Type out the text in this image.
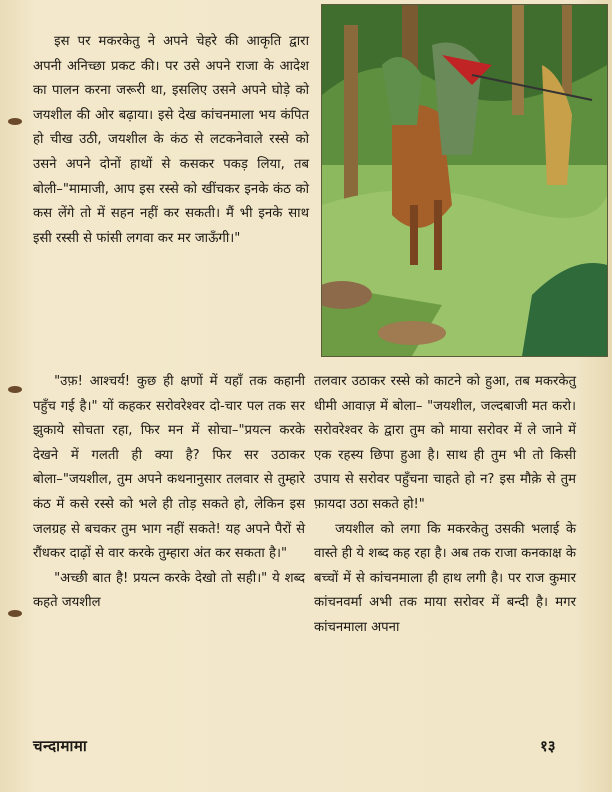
इस पर मकरकेतु ने अपने चेहरे की आकृति द्वारा अपनी अनिच्छा प्रकट की। पर उसे अपने राजा के आदेश का पालन करना जरूरी था, इसलिए उसने अपने घोड़े को जयशील की ओर बढ़ाया। इसे देख कांचनमाला भय कंपित हो चीख उठी, जयशील के कंठ से लटकनेवाले रस्से को उसने अपने दोनों हाथों से कसकर पकड़ लिया, तब बोली–"मामाजी, आप इस रस्से को खींचकर इनके कंठ को कस लेंगे तो में सहन नहीं कर सकती। मैं भी इनके साथ इसी रस्सी से फांसी लगवा कर मर जाऊँगी।"

"उफ़! आश्चर्य! कुछ ही क्षणों में यहाँ तक कहानी पहुँच गई है।" यों कहकर सरोवरेश्वर दो-चार पल तक सर झुकाये सोचता रहा, फिर मन में सोचा–"प्रयत्न करके देखने में गलती ही क्या है? फिर सर उठाकर बोला–"जयशील, तुम अपने कथनानुसार तलवार से तुम्हारे कंठ में कसे रस्से को भले ही तोड़ सकते हो, लेकिन इस जलग्रह से बचकर तुम भाग नहीं सकते! यह अपने पैरों से रौंधकर दाढ़ों से वार करके तुम्हारा अंत कर सकता है।"

"अच्छी बात है! प्रयत्न करके देखो तो सही।" ये शब्द कहते जयशील

तलवार उठाकर रस्से को काटने को हुआ, तब मकरकेतु धीमी आवाज़ में बोला– "जयशील, जल्दबाजी मत करो। सरोवरेश्वर के द्वारा तुम को माया सरोवर में ले जाने में एक रहस्य छिपा हुआ है। साथ ही तुम भी तो किसी उपाय से सरोवर पहुँचना चाहते हो न? इस मौक़े से तुम फ़ायदा उठा सकते हो!"

जयशील को लगा कि मकरकेतु उसकी भलाई के वास्ते ही ये शब्द कह रहा है। अब तक राजा कनकाक्ष के बच्चों में से कांचनमाला ही हाथ लगी है। पर राज कुमार कांचनवर्मा अभी तक माया सरोवर में बन्दी है। मगर कांचनमाला अपना

चन्दामामा	१३
